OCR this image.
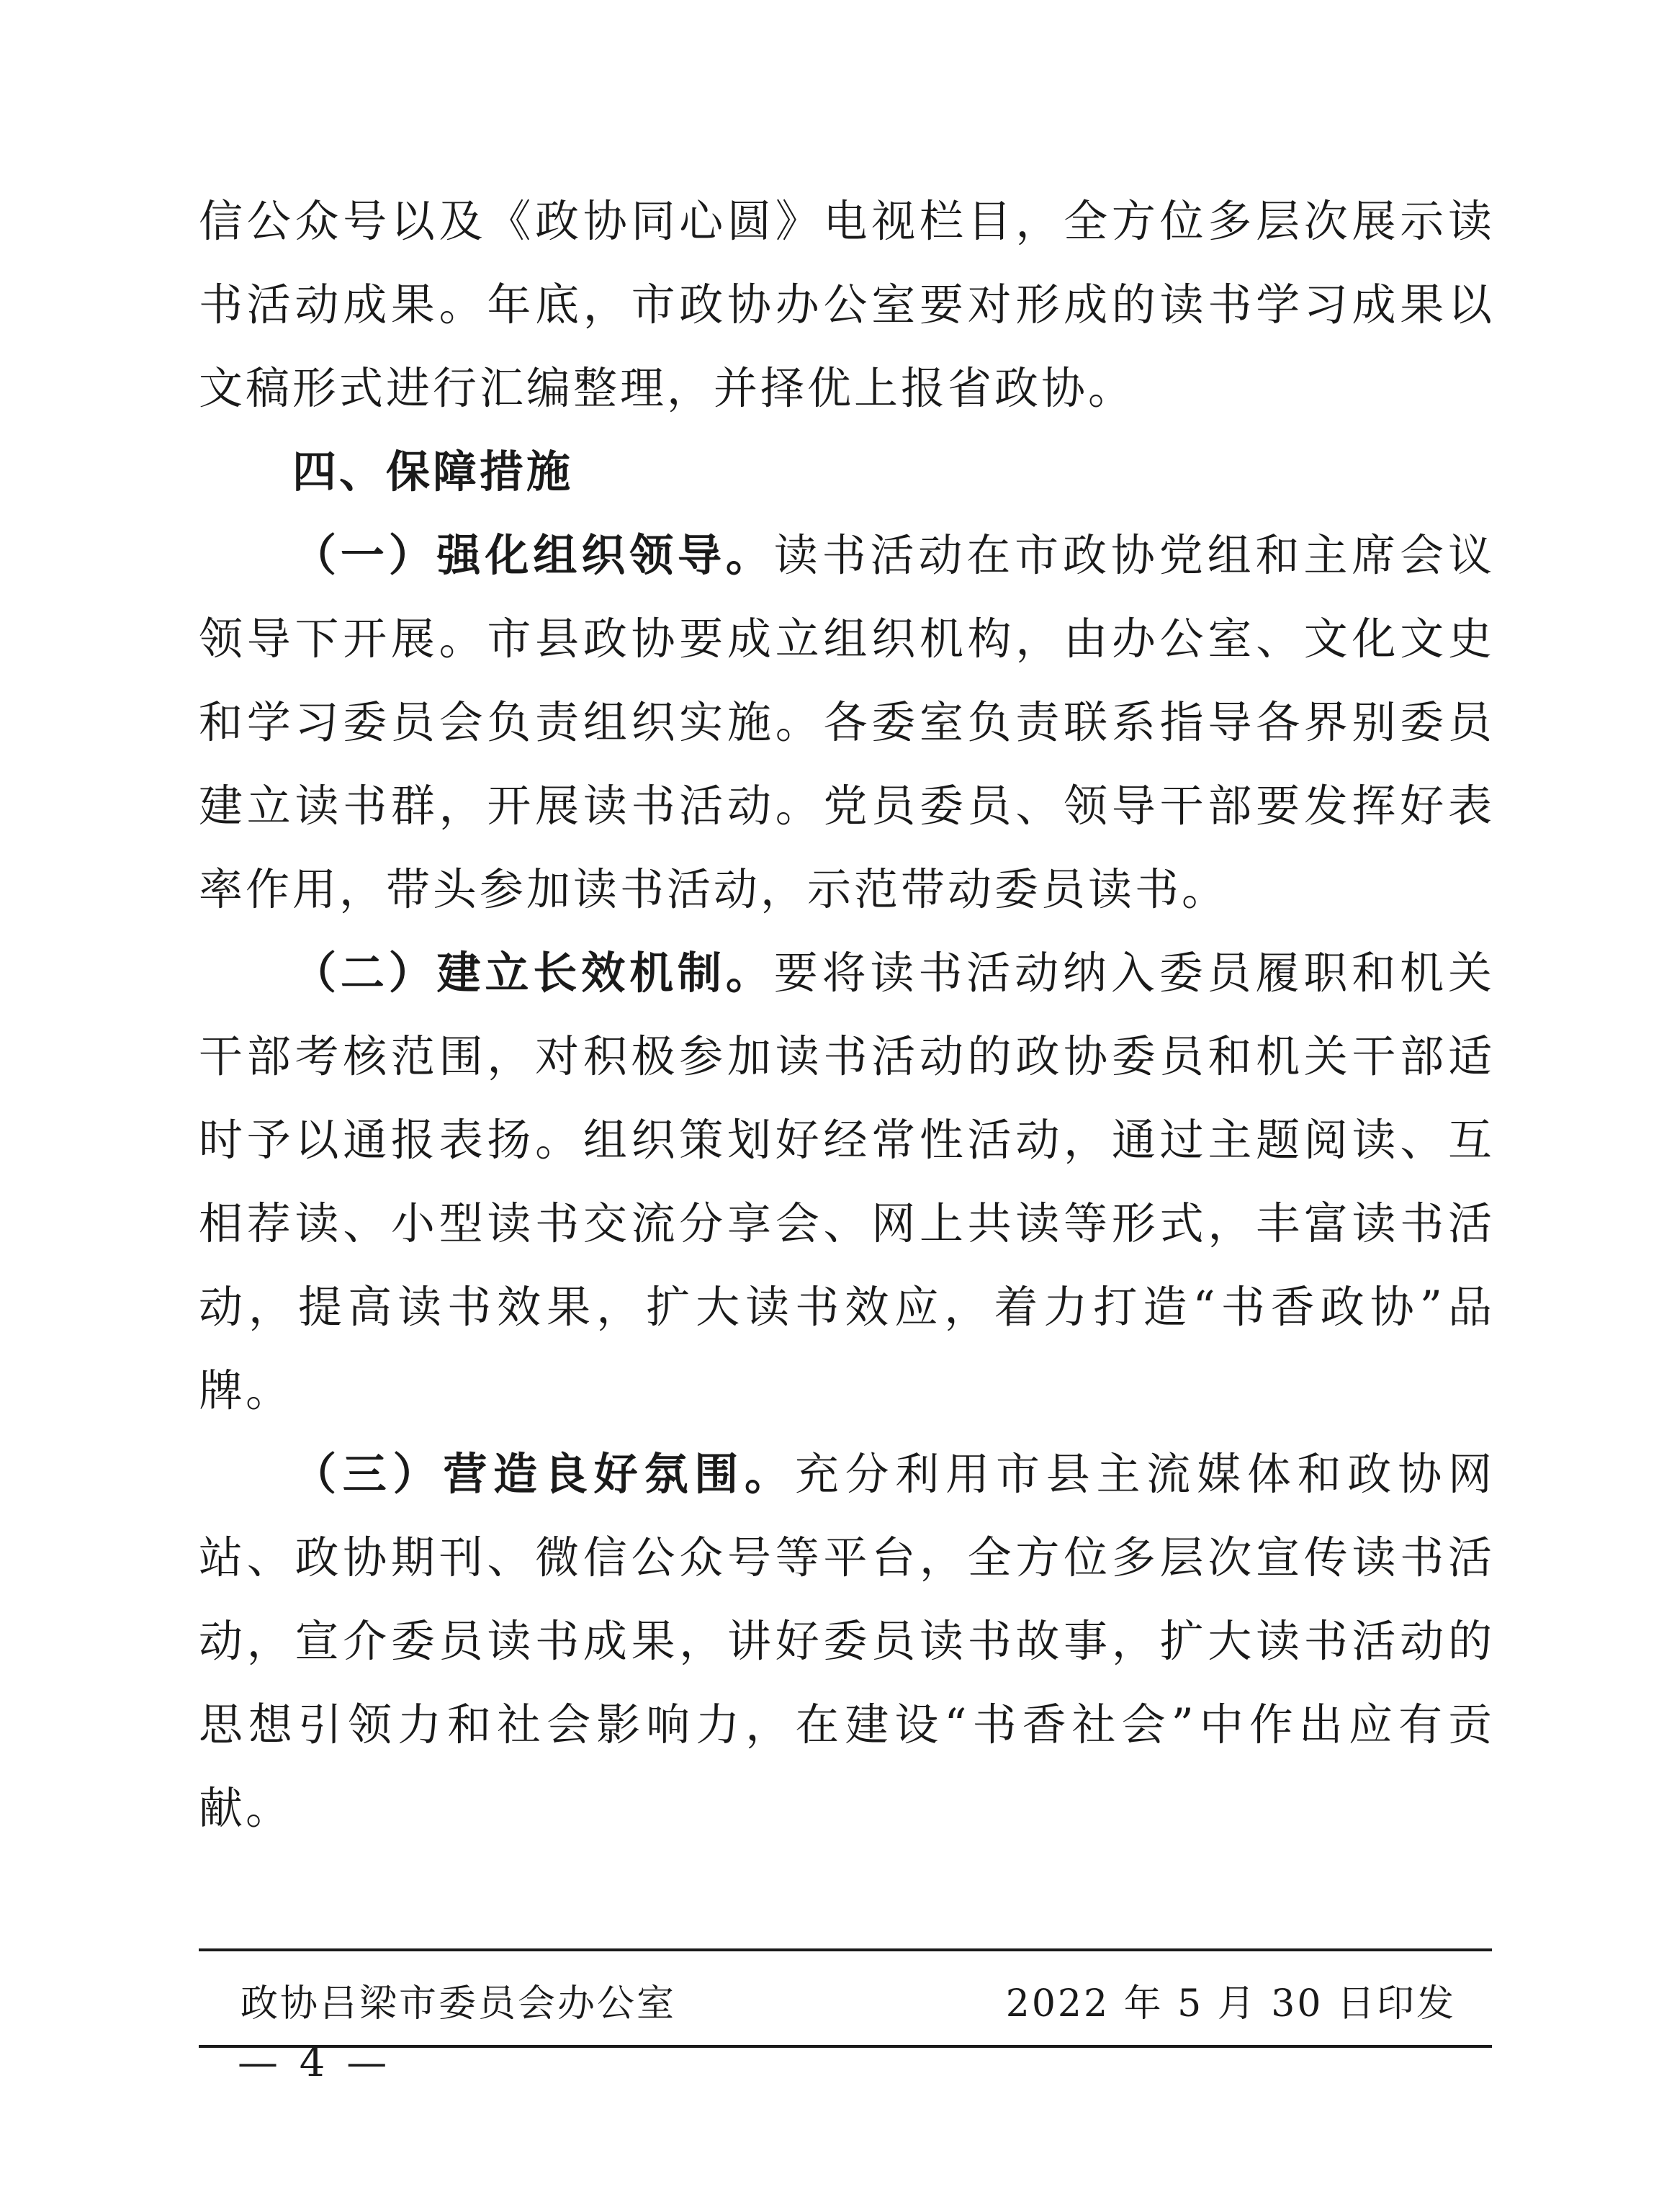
信公众号以及《政协同心圆》电视栏目，全方位多层次展示读书活动成果。年底，市政协办公室要对形成的读书学习成果以文稿形式进行汇编整理，并择优上报省政协。

四、保障措施

（一）强化组织领导。读书活动在市政协党组和主席会议领导下开展。市县政协要成立组织机构，由办公室、文化文史和学习委员会负责组织实施。各委室负责联系指导各界别委员建立读书群，开展读书活动。党员委员、领导干部要发挥好表率作用，带头参加读书活动，示范带动委员读书。

（二）建立长效机制。要将读书活动纳入委员履职和机关干部考核范围，对积极参加读书活动的政协委员和机关干部适时予以通报表扬。组织策划好经常性活动，通过主题阅读、互相荐读、小型读书交流分享会、网上共读等形式，丰富读书活动，提高读书效果，扩大读书效应，着力打造“书香政协”品牌。

（三）营造良好氛围。充分利用市县主流媒体和政协网站、政协期刊、微信公众号等平台，全方位多层次宣传读书活动，宣介委员读书成果，讲好委员读书故事，扩大读书活动的思想引领力和社会影响力，在建设“书香社会”中作出应有贡献。

政协吕梁市委员会办公室	2022 年 5 月 30 日印发
— 4 —
